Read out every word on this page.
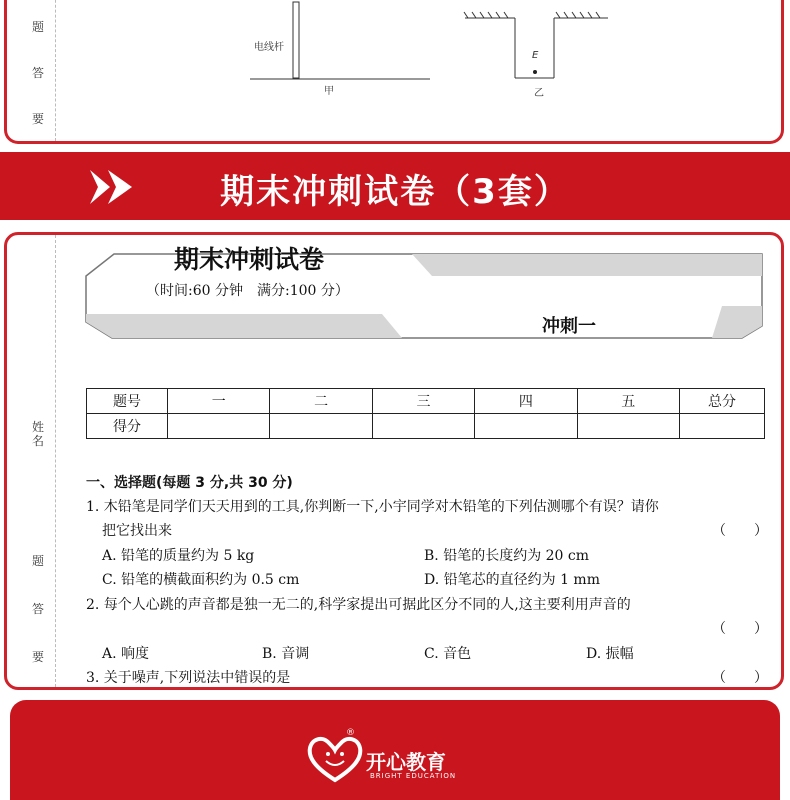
题
答
要
电线杆
甲
E
乙
期末冲刺试卷（3套）
姓名
题
答
要
期末冲刺试卷
（时间:60 分钟　满分:100 分）
冲刺一
题号	一	二	三	四	五	总分
得分						
一、选择题(每题 3 分,共 30 分)
1. 木铅笔是同学们天天用到的工具,你判断一下,小宇同学对木铅笔的下列估测哪个有误？请你
把它找出来	（　　）
A. 铅笔的质量约为 5 kg	B. 铅笔的长度约为 20 cm
C. 铅笔的横截面积约为 0.5 cm	D. 铅笔芯的直径约为 1 mm
2. 每个人心跳的声音都是独一无二的,科学家提出可据此区分不同的人,这主要利用声音的
（　　）
A. 响度	B. 音调	C. 音色	D. 振幅
3. 关于噪声,下列说法中错误的是	（　　）
®
开心教育
BRIGHT EDUCATION
